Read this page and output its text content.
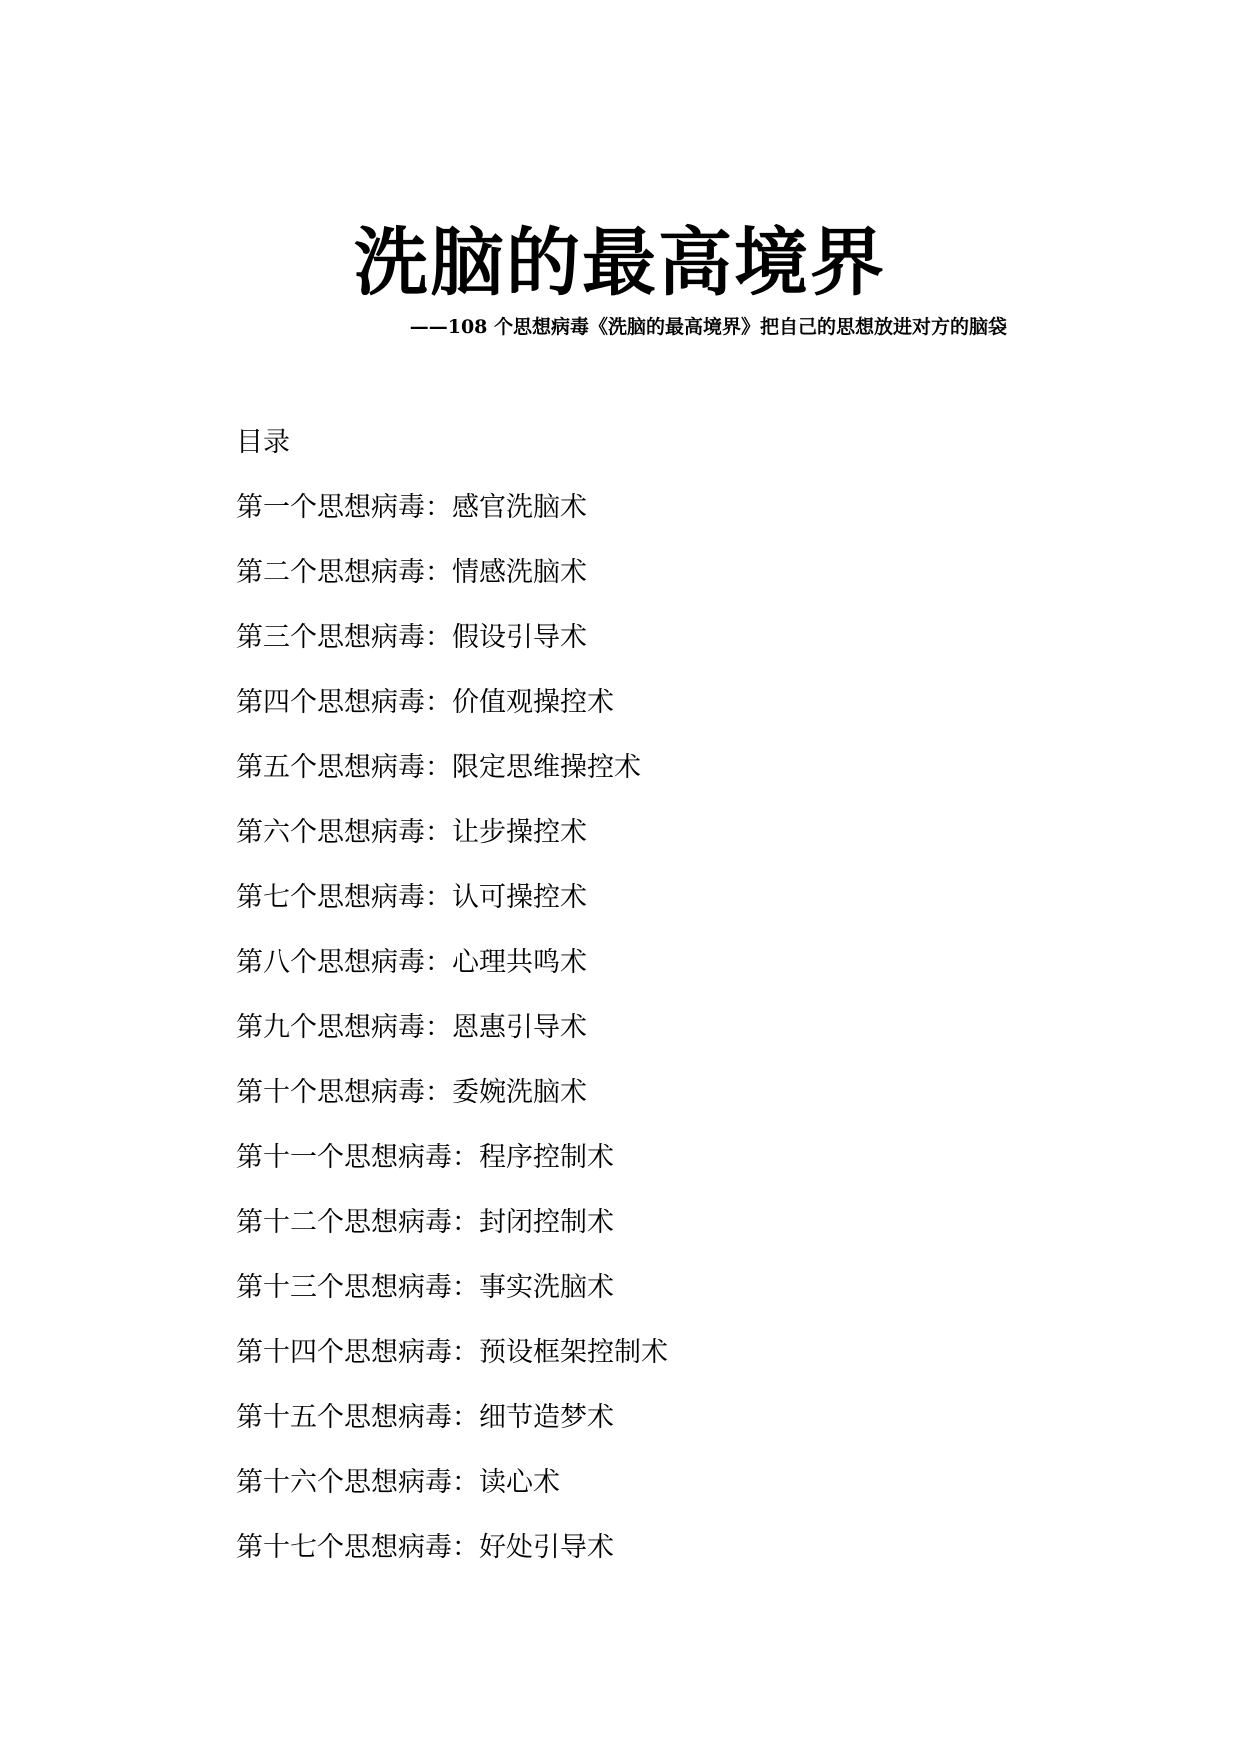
洗脑的最高境界

——108 个思想病毒《洗脑的最高境界》把自己的思想放进对方的脑袋

目录
第一个思想病毒：感官洗脑术
第二个思想病毒：情感洗脑术
第三个思想病毒：假设引导术
第四个思想病毒：价值观操控术
第五个思想病毒：限定思维操控术
第六个思想病毒：让步操控术
第七个思想病毒：认可操控术
第八个思想病毒：心理共鸣术
第九个思想病毒：恩惠引导术
第十个思想病毒：委婉洗脑术
第十一个思想病毒：程序控制术
第十二个思想病毒：封闭控制术
第十三个思想病毒：事实洗脑术
第十四个思想病毒：预设框架控制术
第十五个思想病毒：细节造梦术
第十六个思想病毒：读心术
第十七个思想病毒：好处引导术
